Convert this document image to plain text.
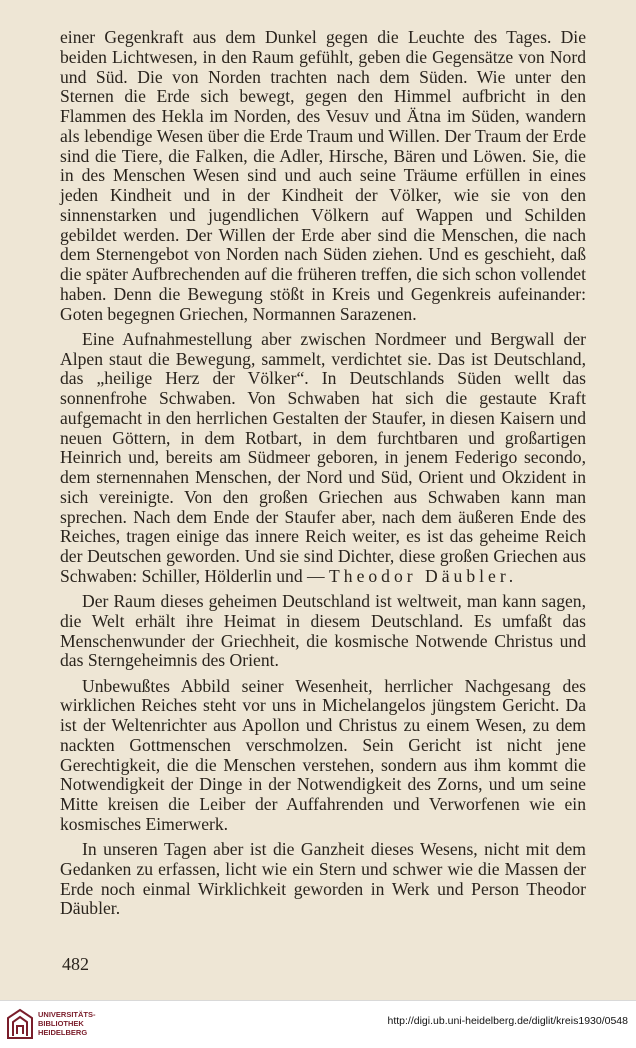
einer Gegenkraft aus dem Dunkel gegen die Leuchte des Tages. Die beiden Lichtwesen, in den Raum gefühlt, geben die Gegensätze von Nord und Süd. Die von Norden trachten nach dem Süden. Wie unter den Sternen die Erde sich bewegt, gegen den Himmel aufbricht in den Flammen des Hekla im Norden, des Vesuv und Ätna im Süden, wandern als lebendige Wesen über die Erde Traum und Willen. Der Traum der Erde sind die Tiere, die Falken, die Adler, Hirsche, Bären und Löwen. Sie, die in des Menschen Wesen sind und auch seine Träume erfüllen in eines jeden Kindheit und in der Kindheit der Völker, wie sie von den sinnenstarken und jugendlichen Völkern auf Wappen und Schilden gebildet werden. Der Willen der Erde aber sind die Menschen, die nach dem Sternengebot von Norden nach Süden ziehen. Und es geschieht, daß die später Aufbrechenden auf die früheren treffen, die sich schon vollendet haben. Denn die Bewegung stößt in Kreis und Gegenkreis aufeinander: Goten begegnen Griechen, Normannen Sarazenen.

Eine Aufnahmestellung aber zwischen Nordmeer und Bergwall der Alpen staut die Bewegung, sammelt, verdichtet sie. Das ist Deutschland, das „heilige Herz der Völker“. In Deutschlands Süden wellt das sonnenfrohe Schwaben. Von Schwaben hat sich die gestaute Kraft aufgemacht in den herrlichen Gestalten der Staufer, in diesen Kaisern und neuen Göttern, in dem Rotbart, in dem furchtbaren und großartigen Heinrich und, bereits am Südmeer geboren, in jenem Federigo secondo, dem sternennahen Menschen, der Nord und Süd, Orient und Okzident in sich vereinigte. Von den großen Griechen aus Schwaben kann man sprechen. Nach dem Ende der Staufer aber, nach dem äußeren Ende des Reiches, tragen einige das innere Reich weiter, es ist das geheime Reich der Deutschen geworden. Und sie sind Dichter, diese großen Griechen aus Schwaben: Schiller, Hölderlin und — Theodor Däubler.

Der Raum dieses geheimen Deutschland ist weltweit, man kann sagen, die Welt erhält ihre Heimat in diesem Deutschland. Es umfaßt das Menschenwunder der Griechheit, die kosmische Notwende Christus und das Sterngeheimnis des Orient.

Unbewußtes Abbild seiner Wesenheit, herrlicher Nachgesang des wirklichen Reiches steht vor uns in Michelangelos jüngstem Gericht. Da ist der Weltenrichter aus Apollon und Christus zu einem Wesen, zu dem nackten Gottmenschen verschmolzen. Sein Gericht ist nicht jene Gerechtigkeit, die die Menschen verstehen, sondern aus ihm kommt die Notwendigkeit der Dinge in der Notwendigkeit des Zorns, und um seine Mitte kreisen die Leiber der Auffahrenden und Verworfenen wie ein kosmisches Eimerwerk.

In unseren Tagen aber ist die Ganzheit dieses Wesens, nicht mit dem Gedanken zu erfassen, licht wie ein Stern und schwer wie die Massen der Erde noch einmal Wirklichkeit geworden in Werk und Person Theodor Däubler.

482
UNIVERSITÄTS-
BIBLIOTHEK
HEIDELBERG
http://digi.ub.uni-heidelberg.de/diglit/kreis1930/0548
